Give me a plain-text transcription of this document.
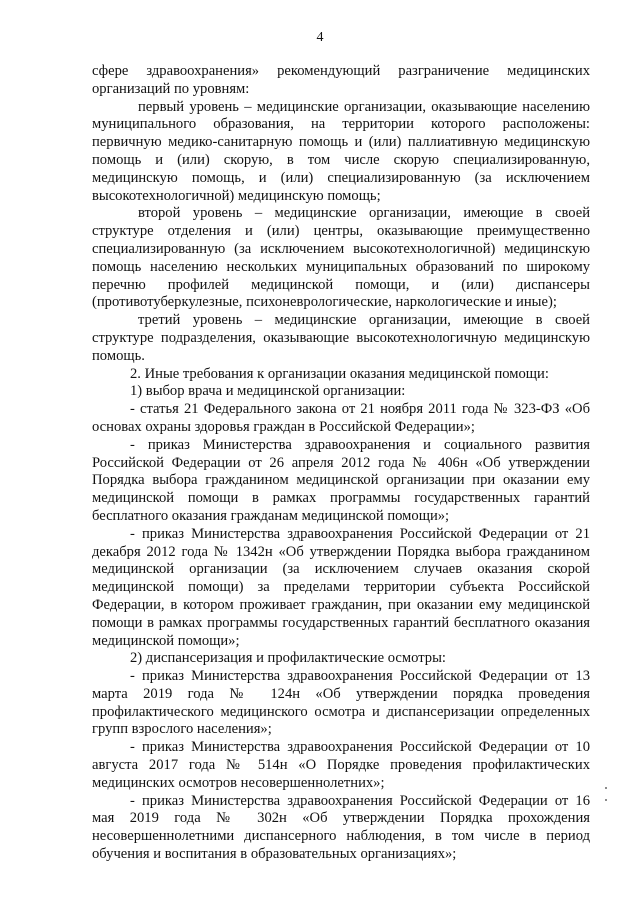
4

сфере здравоохранения» рекомендующий разграничение медицинских организаций по уровням:

первый уровень – медицинские организации, оказывающие населению муниципального образования, на территории которого расположены: первичную медико-санитарную помощь и (или) паллиативную медицинскую помощь и (или) скорую, в том числе скорую специализированную, медицинскую помощь, и (или) специализированную (за исключением высокотехнологичной) медицинскую помощь;

второй уровень – медицинские организации, имеющие в своей структуре отделения и (или) центры, оказывающие преимущественно специализированную (за исключением высокотехнологичной) медицинскую помощь населению нескольких муниципальных образований по широкому перечню профилей медицинской помощи, и (или) диспансеры (противотуберкулезные, психоневрологические, наркологические и иные);

третий уровень – медицинские организации, имеющие в своей структуре подразделения, оказывающие высокотехнологичную медицинскую помощь.

2. Иные требования к организации оказания медицинской помощи:

1) выбор врача и медицинской организации:

- статья 21 Федерального закона от 21 ноября 2011 года № 323-ФЗ «Об основах охраны здоровья граждан в Российской Федерации»;

- приказ Министерства здравоохранения и социального развития Российской Федерации от 26 апреля 2012 года № 406н «Об утверждении Порядка выбора гражданином медицинской организации при оказании ему медицинской помощи в рамках программы государственных гарантий бесплатного оказания гражданам медицинской помощи»;

- приказ Министерства здравоохранения Российской Федерации от 21 декабря 2012 года № 1342н «Об утверждении Порядка выбора гражданином медицинской организации (за исключением случаев оказания скорой медицинской помощи) за пределами территории субъекта Российской Федерации, в котором проживает гражданин, при оказании ему медицинской помощи в рамках программы государственных гарантий бесплатного оказания медицинской помощи»;

2) диспансеризация и профилактические осмотры:

- приказ Министерства здравоохранения Российской Федерации от 13 марта 2019 года № 124н «Об утверждении порядка проведения профилактического медицинского осмотра и диспансеризации определенных групп взрослого населения»;

- приказ Министерства здравоохранения Российской Федерации от 10 августа 2017 года № 514н «О Порядке проведения профилактических медицинских осмотров несовершеннолетних»;

- приказ Министерства здравоохранения Российской Федерации от 16 мая 2019 года № 302н «Об утверждении Порядка прохождения несовершеннолетними диспансерного наблюдения, в том числе в период обучения и воспитания в образовательных организациях»;
